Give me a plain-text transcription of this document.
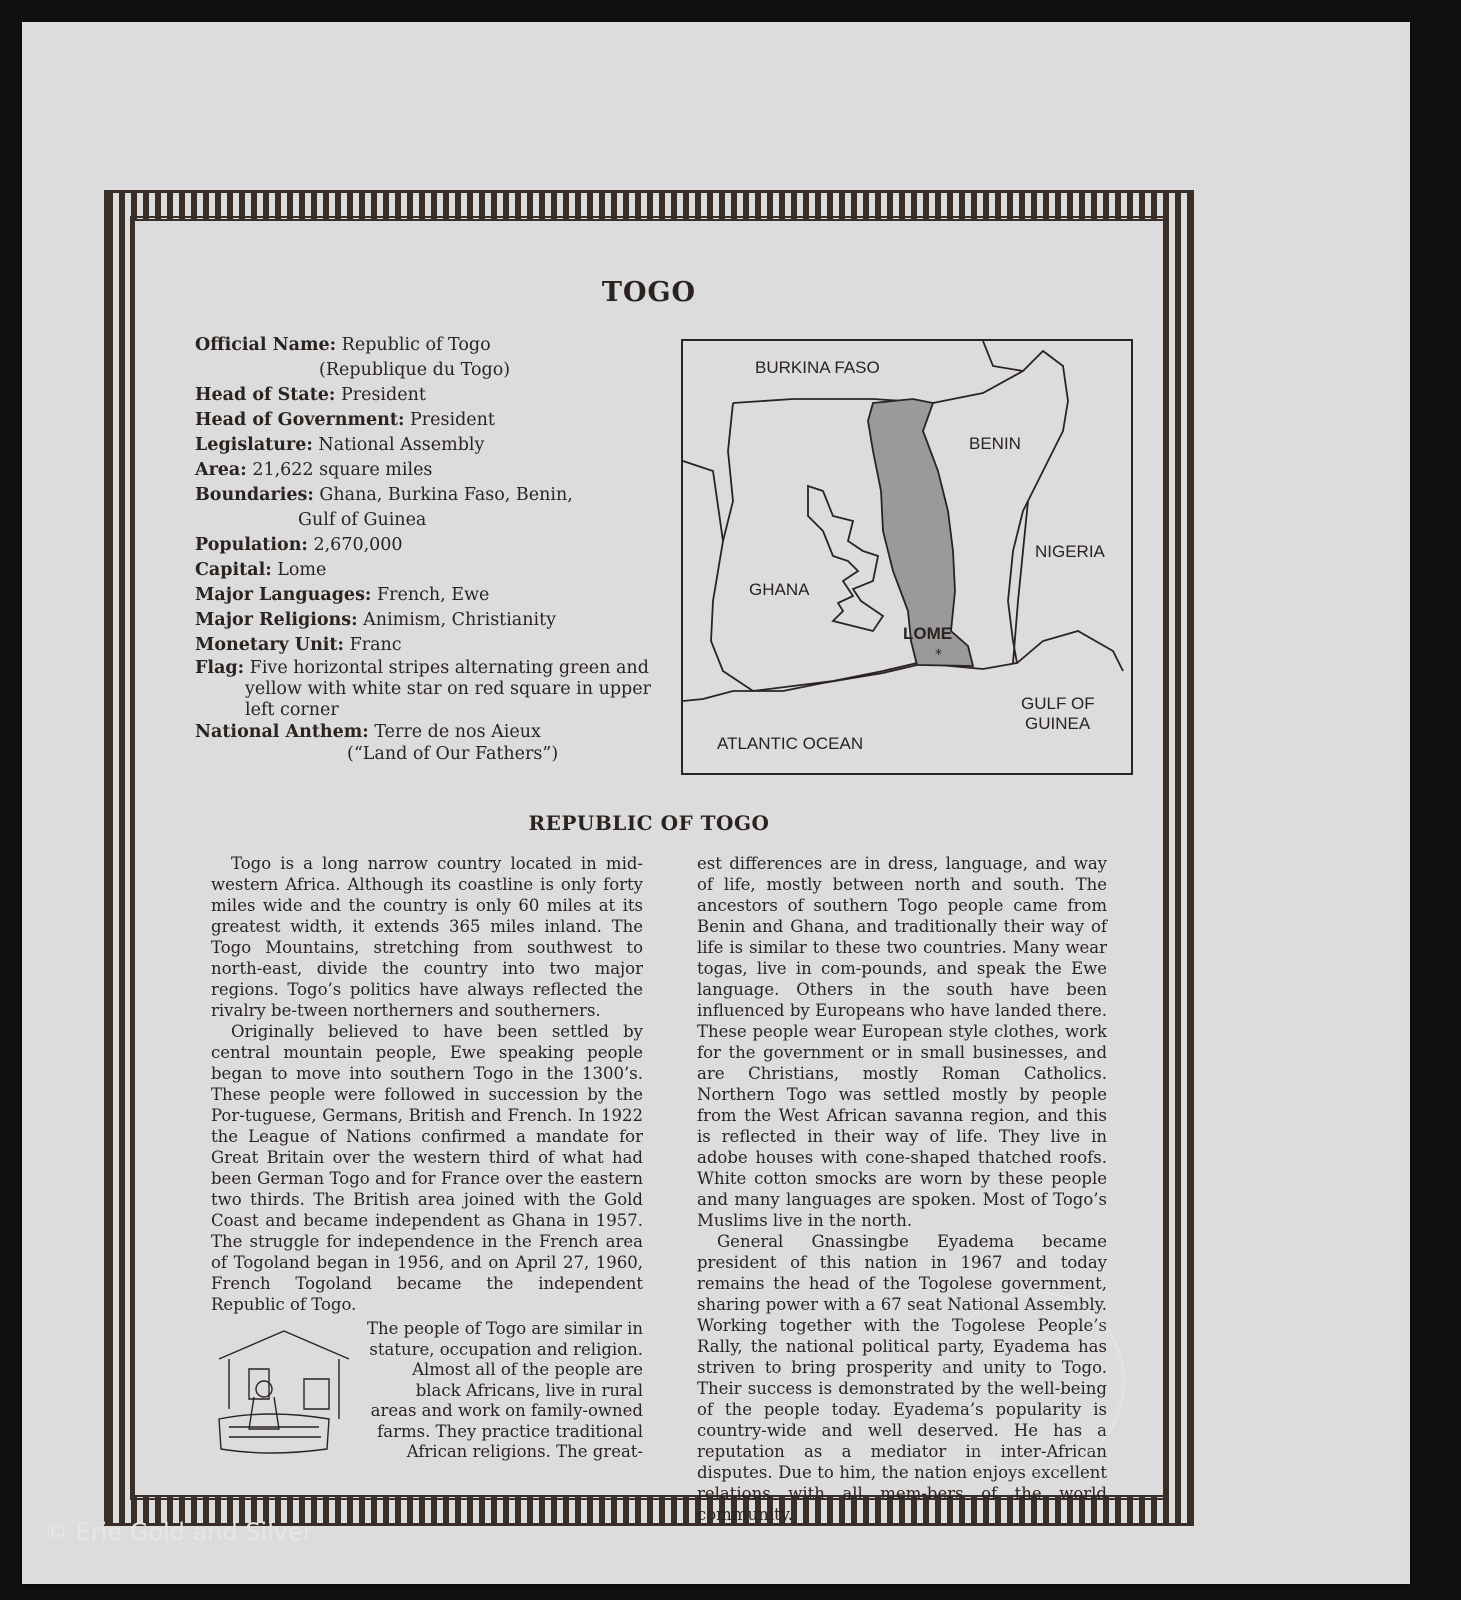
TOGO

Official Name: Republic of Togo
(Republique du Togo)

Head of State: President

Head of Government: President

Legislature: National Assembly

Area: 21,622 square miles

Boundaries: Ghana, Burkina Faso, Benin,
Gulf of Guinea

Population: 2,670,000

Capital: Lome

Major Languages: French, Ewe

Major Religions: Animism, Christianity

Monetary Unit: Franc

Flag: Five horizontal stripes alternating green and
yellow with white star on red square in upper left corner

National Anthem: Terre de nos Aieux
(“Land of Our Fathers”)

*
BURKINA FASO
BENIN
NIGERIA
GHANA
LOME
GULF OF
GUINEA
ATLANTIC OCEAN
REPUBLIC OF TOGO

Togo is a long narrow country located in mid-western Africa. Although its coastline is only forty miles wide and the country is only 60 miles at its greatest width, it extends 365 miles inland. The Togo Mountains, stretching from southwest to north-east, divide the country into two major regions. Togo’s politics have always reflected the rivalry be-tween northerners and southerners.

Originally believed to have been settled by central mountain people, Ewe speaking people began to move into southern Togo in the 1300’s. These people were followed in succession by the Por-tuguese, Germans, British and French. In 1922 the League of Nations confirmed a mandate for Great Britain over the western third of what had been German Togo and for France over the eastern two thirds. The British area joined with the Gold Coast and became independent as Ghana in 1957. The struggle for independence in the French area of Togoland began in 1956, and on April 27, 1960, French Togoland became the independent Republic of Togo.

The people of Togo are similar in stature, occupation and religion. Almost all of the people are black Africans, live in rural areas and work on family-owned farms. They practice traditional African religions. The great-

est differences are in dress, language, and way of life, mostly between north and south. The ancestors of southern Togo people came from Benin and Ghana, and traditionally their way of life is similar to these two countries. Many wear togas, live in com-pounds, and speak the Ewe language. Others in the south have been influenced by Europeans who have landed there. These people wear European style clothes, work for the government or in small businesses, and are Christians, mostly Roman Catholics. Northern Togo was settled mostly by people from the West African savanna region, and this is reflected in their way of life. They live in adobe houses with cone-shaped thatched roofs. White cotton smocks are worn by these people and many languages are spoken. Most of Togo’s Muslims live in the north.

General Gnassingbe Eyadema became president of this nation in 1967 and today remains the head of the Togolese government, sharing power with a 67 seat National Assembly. Working together with the Togolese People’s Rally, the national political party, Eyadema has striven to bring prosperity and unity to Togo. Their success is demonstrated by the well-being of the people today. Eyadema’s popularity is country-wide and well deserved. He has a reputation as a mediator in inter-African disputes. Due to him, the nation enjoys excellent relations with all mem-bers of the world community.

© Erie Gold and Silver
